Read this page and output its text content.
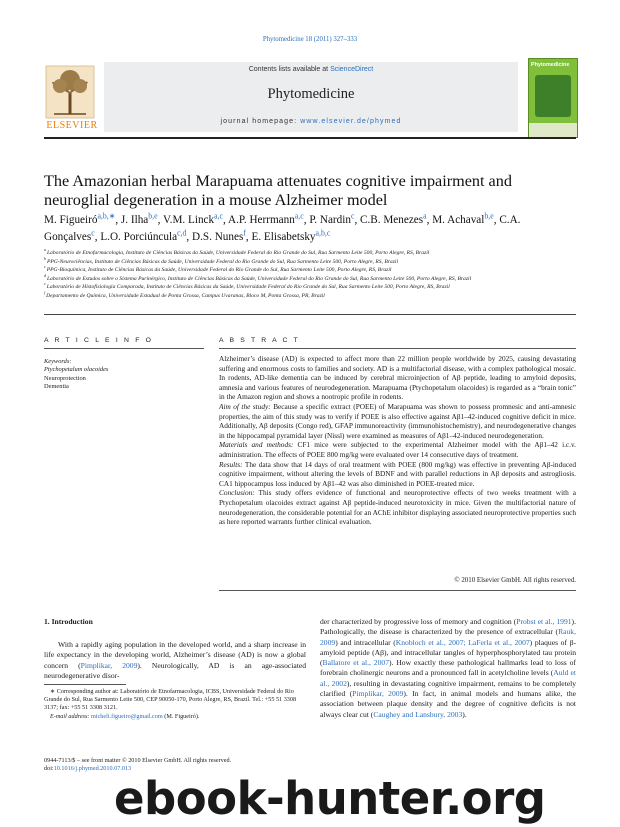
Phytomedicine 18 (2011) 327–333
Contents lists available at ScienceDirect
Phytomedicine
journal homepage: www.elsevier.de/phymed
ELSEVIER
Phytomedicine
The Amazonian herbal Marapuama attenuates cognitive impairment and neuroglial degeneration in a mouse Alzheimer model
M. Figueiró$^{a,b,∗}$, J. Ilha$^{b,e}$, V.M. Linck$^{a,c}$, A.P. Herrmann$^{a,c}$, P. Nardin$^c$, C.B. Menezes$^a$, M. Achaval$^{b,e}$, C.A. Gonçalves$^c$, L.O. Porciúncula$^{c,d}$, D.S. Nunes$^f$, E. Elisabetsky$^{a,b,c}$
$^a$ Laboratório de Etnofarmacologia, Instituto de Ciências Básicas da Saúde, Universidade Federal do Rio Grande do Sul, Rua Sarmento Leite 500, Porto Alegre, RS, Brazil
$^b$ PPG-Neurociências, Instituto de Ciências Básicas da Saúde, Universidade Federal do Rio Grande do Sul, Rua Sarmento Leite 500, Porto Alegre, RS, Brazil
$^c$ PPG-Bioquímica, Instituto de Ciências Básicas da Saúde, Universidade Federal do Rio Grande do Sul, Rua Sarmento Leite 500, Porto Alegre, RS, Brazil
$^d$ Laboratório de Estudos sobre o Sistema Purinérgico, Instituto de Ciências Básicas da Saúde, Universidade Federal do Rio Grande do Sul, Rua Sarmento Leite 500, Porto Alegre, RS, Brazil
$^e$ Laboratório de Histofisiologia Comparada, Instituto de Ciências Básicas da Saúde, Universidade Federal do Rio Grande do Sul, Rua Sarmento Leite 500, Porto Alegre, RS, Brazil
$^f$ Departamento de Química, Universidade Estadual de Ponta Grossa, Campus Uvaranas, Bloco M, Ponta Grossa, PR, Brazil
A R T I C L E I N F O	A B S T R A C T
Keywords:
Ptychopetalum olacoides
Neuroprotection
Dementia

Alzheimer’s disease (AD) is expected to affect more than 22 million people worldwide by 2025, causing devastating suffering and enormous costs to families and society. AD is a multifactorial disease, with a complex pathological mosaic. In rodents, AD-like dementia can be induced by cerebral microinjection of Aβ peptide, leading to amyloid deposits, amnesia and various features of neurodegeneration. Marapuama (Ptychopetalum olacoides) is regarded as a “brain tonic” in the Amazon region and shows a nootropic profile in rodents.

Aim of the study: Because a specific extract (POEE) of Marapuama was shown to possess promnesic and anti-amnesic properties, the aim of this study was to verify if POEE is also effective against Aβ1–42-induced cognitive deficit in mice. Additionally, Aβ deposits (Congo red), GFAP immunoreactivity (immunohistochemistry), and neurodegenerative changes in the hippocampal pyramidal layer (Nissl) were examined as measures of Aβ1–42-induced neurodegeneration.

Materials and methods: CF1 mice were subjected to the experimental Alzheimer model with the Aβ1–42 i.c.v. administration. The effects of POEE 800 mg/kg were evaluated over 14 consecutive days of treatment.

Results: The data show that 14 days of oral treatment with POEE (800 mg/kg) was effective in preventing Aβ-induced cognitive impairment, without altering the levels of BDNF and with parallel reductions in Aβ deposits and astrogliosis. CA1 hippocampus loss induced by Aβ1–42 was also diminished in POEE-treated mice.

Conclusion: This study offers evidence of functional and neuroprotective effects of two weeks treatment with a Ptychopetalum olacoides extract against Aβ peptide-induced neurotoxicity in mice. Given the multifactorial nature of neurodegeneration, the considerable potential for an AChE inhibitor displaying associated neuroprotective properties such as here reported warrants further clinical evaluation.

© 2010 Elsevier GmbH. All rights reserved.
1. Introduction
With a rapidly aging population in the developed world, and a sharp increase in life expectancy in the developing world, Alzheimer’s disease (AD) is now a global concern (Pimplikar, 2009). Neurologically, AD is an age-associated neurodegenerative disor-
der characterized by progressive loss of memory and cognition (Probst et al., 1991). Pathologically, the disease is characterized by the presence of extracellular (Rauk, 2009) and intracellular (Knobloch et al., 2007; LaFerla et al., 2007) plaques of β-amyloid peptide (Aβ), and intracellular tangles of hyperphosphorylated tau protein (Ballatore et al., 2007). How exactly these pathological hallmarks lead to loss of forebrain cholinergic neurons and a pronounced fall in acetylcholine levels (Auld et al., 2002), resulting in devastating cognitive impairment, remains to be completely clarified (Pimplikar, 2009). In fact, in animal models and humans alike, the association between plaque density and the degree of cognitive deficits is not always clear cut (Caughey and Lansbury, 2003).
∗ Corresponding author at: Laboratório de Etnofarmacologia, ICBS, Universidade Federal do Rio Grande do Sul, Rua Sarmento Leite 500, CEP 90050-170, Porto Alegre, RS, Brazil. Tel.: +55 51 3308 3137; fax: +55 51 3308 3121.
E-mail address: micheli.figueiro@gmail.com (M. Figueiró).
0944-7113/$ – see front matter © 2010 Elsevier GmbH. All rights reserved.
doi:10.1016/j.phymed.2010.07.013
ebook-hunter.org
